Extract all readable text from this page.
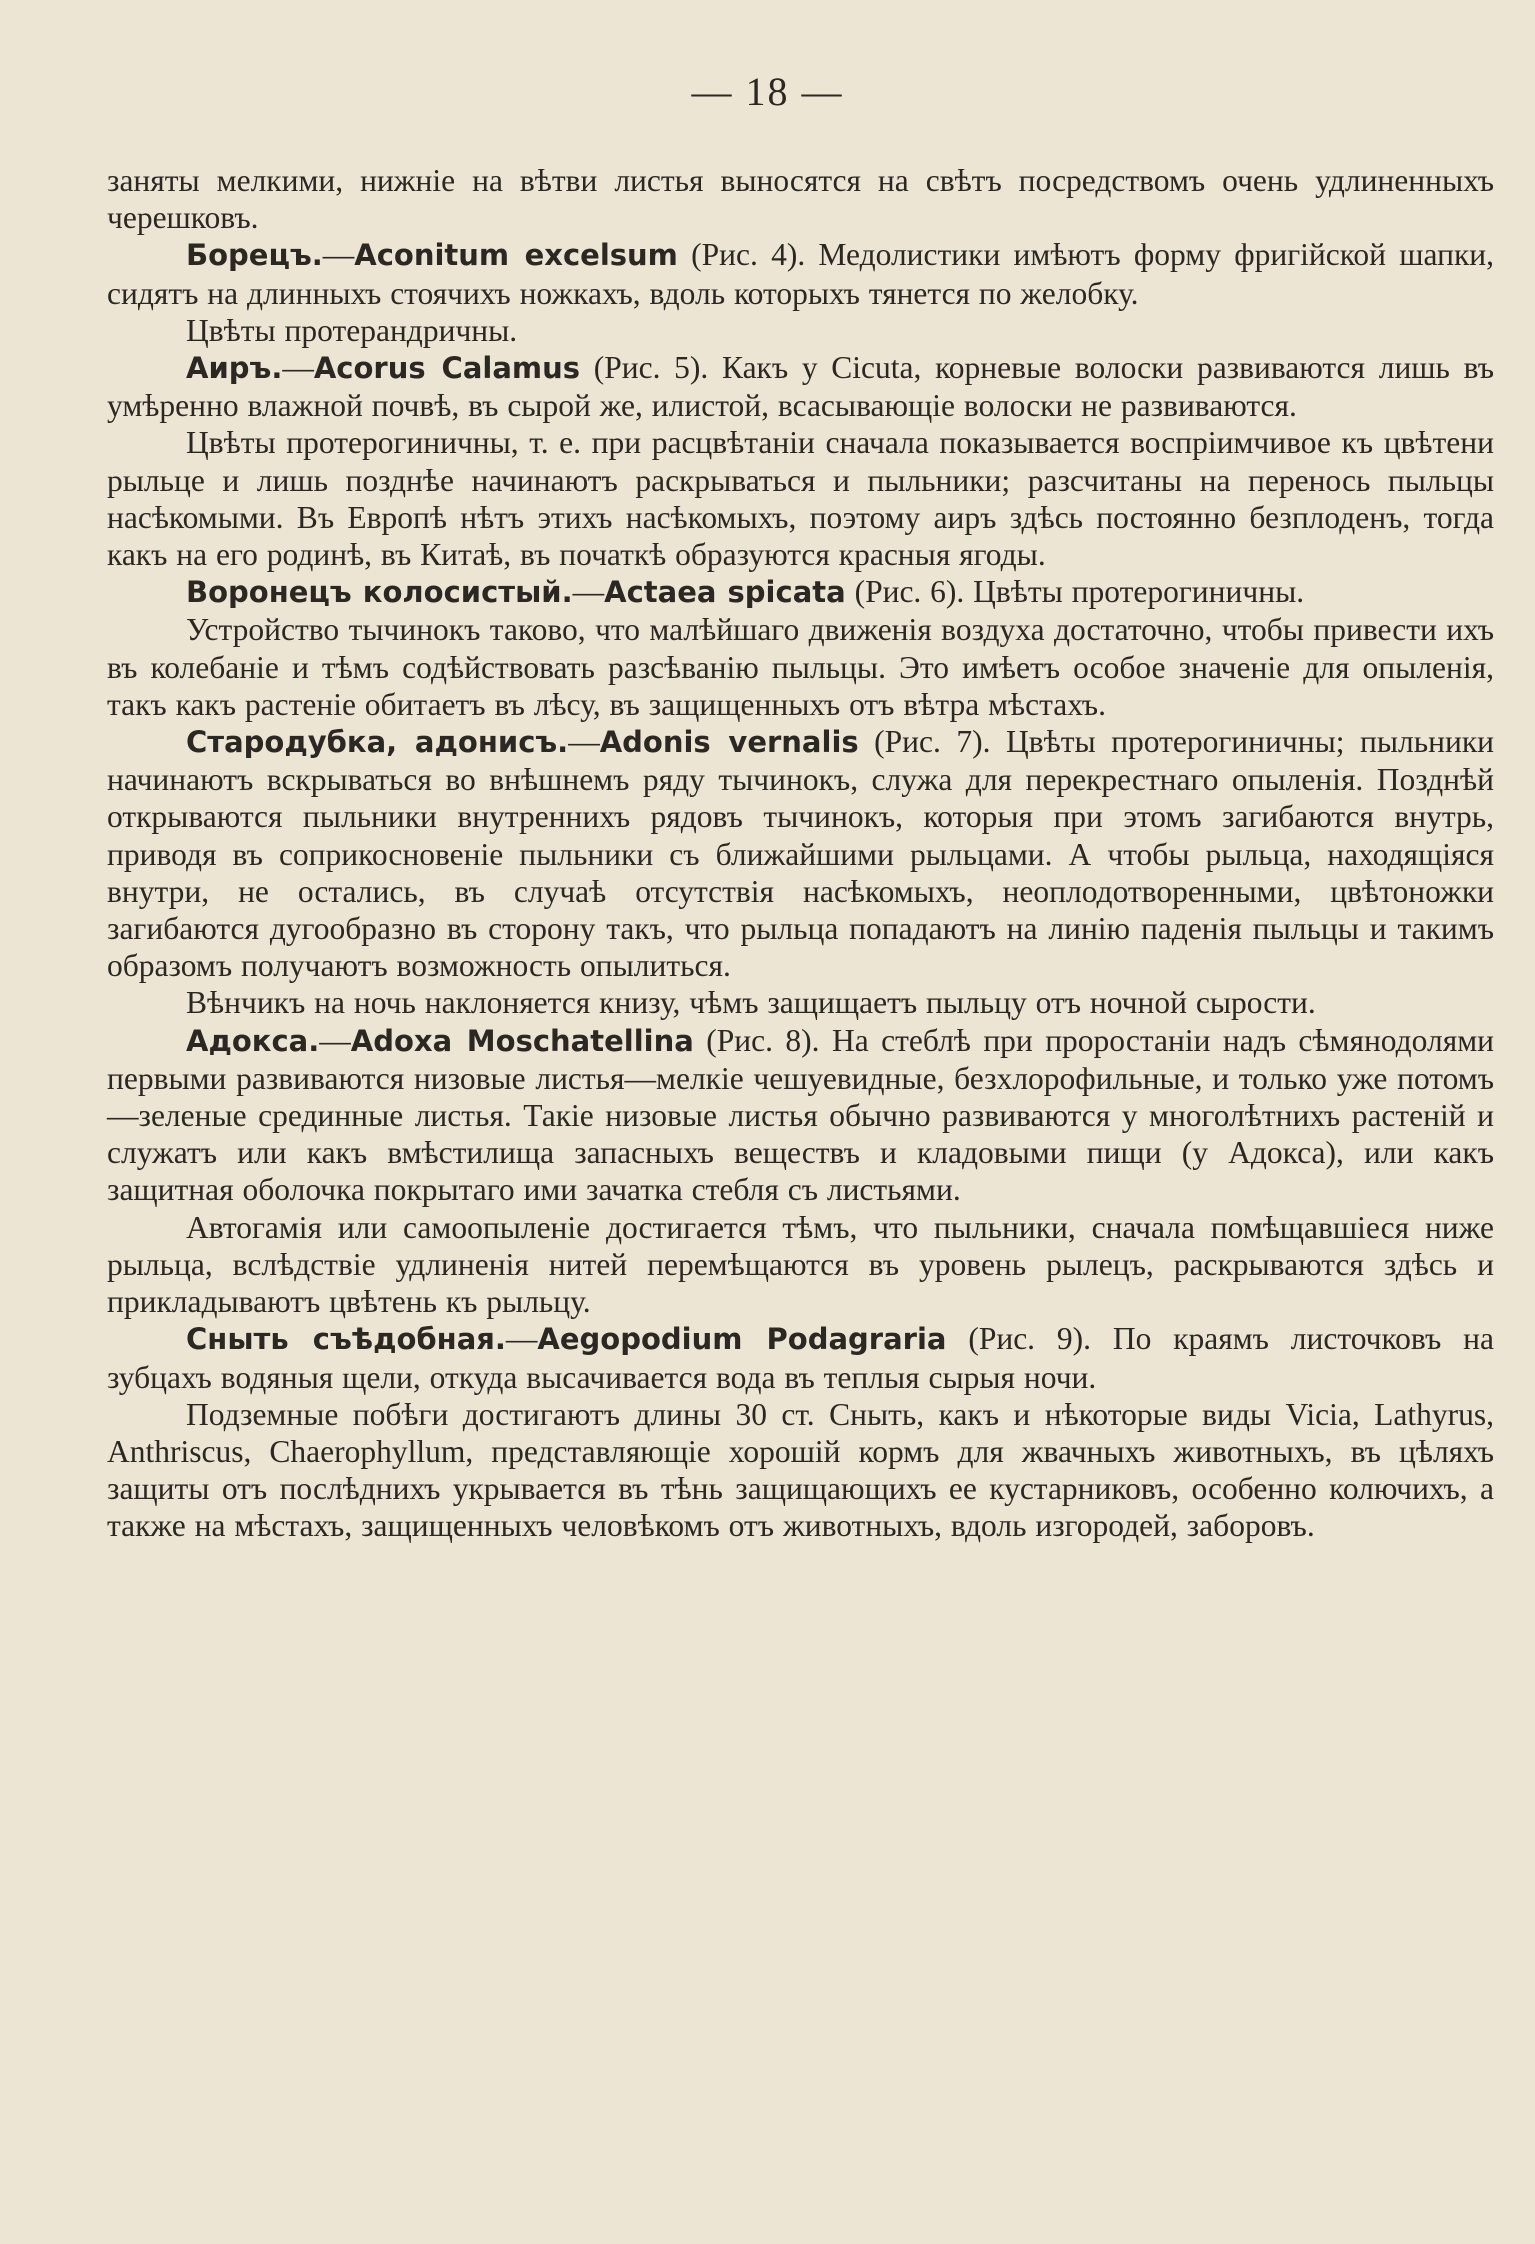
— 18 —

заняты мелкими, нижніе на вѣтви листья выносятся на свѣтъ посредствомъ очень удлиненныхъ черешковъ.

Борецъ.—Aconitum excelsum (Рис. 4). Медолистики имѣютъ форму фригійской шапки, сидятъ на длинныхъ стоячихъ ножкахъ, вдоль которыхъ тянется по желобку.

Цвѣты протерандричны.

Аиръ.—Acorus Calamus (Рис. 5). Какъ у Cicuta, корневые волоски развиваются лишь въ умѣренно влажной почвѣ, въ сырой же, илистой, всасывающіе волоски не развиваются.

Цвѣты протерогиничны, т. е. при расцвѣтаніи сначала показывается воспріимчивое къ цвѣтени рыльце и лишь позднѣе начинаютъ раскрываться и пыльники; разсчитаны на перенось пыльцы насѣкомыми. Въ Европѣ нѣтъ этихъ насѣкомыхъ, поэтому аиръ здѣсь постоянно безплоденъ, тогда какъ на его родинѣ, въ Китаѣ, въ початкѣ образуются красныя ягоды.

Воронецъ колосистый.—Actaea spicata (Рис. 6). Цвѣты протерогиничны.

Устройство тычинокъ таково, что малѣйшаго движенія воздуха достаточно, чтобы привести ихъ въ колебаніе и тѣмъ содѣйствовать разсѣванію пыльцы. Это имѣетъ особое значеніе для опыленія, такъ какъ растеніе обитаетъ въ лѣсу, въ защищенныхъ отъ вѣтра мѣстахъ.

Стародубка, адонисъ.—Adonis vernalis (Рис. 7). Цвѣты протерогиничны; пыльники начинаютъ вскрываться во внѣшнемъ ряду тычинокъ, служа для перекрестнаго опыленія. Позднѣй открываются пыльники внутреннихъ рядовъ тычинокъ, которыя при этомъ загибаются внутрь, приводя въ соприкосновеніе пыльники съ ближайшими рыльцами. А чтобы рыльца, находящіяся внутри, не остались, въ случаѣ отсутствія насѣкомыхъ, неоплодотворенными, цвѣтоножки загибаются дугообразно въ сторону такъ, что рыльца попадаютъ на линію паденія пыльцы и такимъ образомъ получаютъ возможность опылиться.

Вѣнчикъ на ночь наклоняется книзу, чѣмъ защищаетъ пыльцу отъ ночной сырости.

Адокса.—Adoxa Moschatellina (Рис. 8). На стеблѣ при проростаніи надъ сѣмянодолями первыми развиваются низовые листья—мелкіе чешуевидные, безхлорофильные, и только уже потомъ—зеленые срединные листья. Такіе низовые листья обычно развиваются у многолѣтнихъ растеній и служатъ или какъ вмѣстилища запасныхъ веществъ и кладовыми пищи (у Адокса), или какъ защитная оболочка покрытаго ими зачатка стебля съ листьями.

Автогамія или самоопыленіе достигается тѣмъ, что пыльники, сначала помѣщавшіеся ниже рыльца, вслѣдствіе удлиненія нитей перемѣщаются въ уровень рылецъ, раскрываются здѣсь и прикладываютъ цвѣтень къ рыльцу.

Сныть съѣдобная.—Aegopodium Podagraria (Рис. 9). По краямъ листочковъ на зубцахъ водяныя щели, откуда высачивается вода въ теплыя сырыя ночи.

Подземные побѣги достигаютъ длины 30 ст. Сныть, какъ и нѣкоторые виды Vicia, Lathyrus, Anthriscus, Chaerophyllum, представляющіе хорошій кормъ для жвачныхъ животныхъ, въ цѣляхъ защиты отъ послѣднихъ укрывается въ тѣнь защищающихъ ее кустарниковъ, особенно колючихъ, а также на мѣстахъ, защищенныхъ человѣкомъ отъ животныхъ, вдоль изгородей, заборовъ.
